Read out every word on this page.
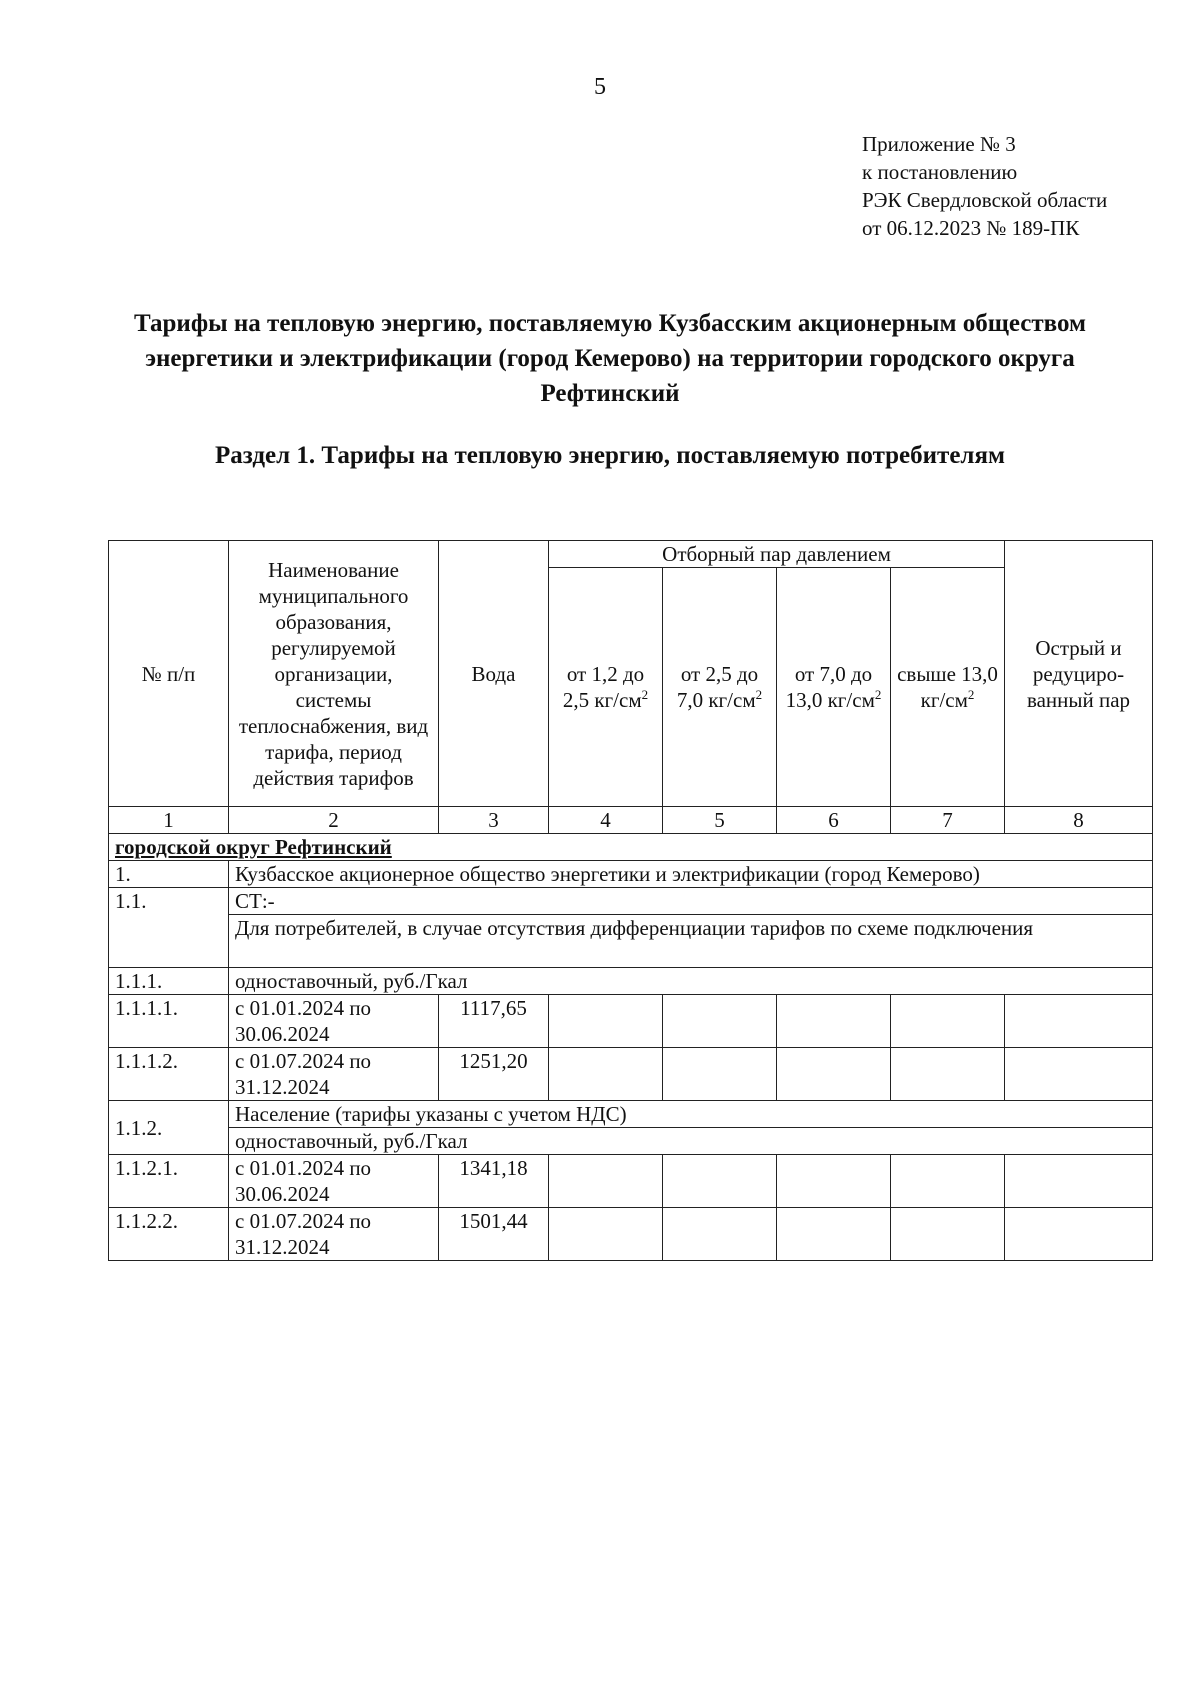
5
Приложение № 3
к постановлению
РЭК Свердловской области
от 06.12.2023 № 189-ПК
Тарифы на тепловую энергию, поставляемую Кузбасским акционерным обществом энергетики и электрификации (город Кемерово) на территории городского округа Рефтинский
Раздел 1. Тарифы на тепловую энергию, поставляемую потребителям
№ п/п	Наименование муниципального образования, регулируемой организации, системы теплоснабжения, вид тарифа, период действия тарифов	Вода	Отборный пар давлением				Острый и редуциро-ванный пар
			от 1,2 до 2,5 $кг/см^2$	от 2,5 до 7,0 $кг/см^2$	от 7,0 до 13,0 $кг/см^2$	свыше 13,0 $кг/см^2$
1	2	3	4	5	6	7	8
городской округ Рефтинский							
1.	Кузбасское акционерное общество энергетики и электрификации (город Кемерово)						
1.1.	СТ:-						
	Для потребителей, в случае отсутствия дифференциации тарифов по схеме подключения						
1.1.1.	одноставочный, руб./Гкал						
1.1.1.1.	с 01.01.2024 по 30.06.2024	1117,65					
1.1.1.2.	с 01.07.2024 по 31.12.2024	1251,20					
1.1.2.	Население (тарифы указаны с учетом НДС)						
	одноставочный, руб./Гкал						
1.1.2.1.	с 01.01.2024 по 30.06.2024	1341,18					
1.1.2.2.	с 01.07.2024 по 31.12.2024	1501,44					
